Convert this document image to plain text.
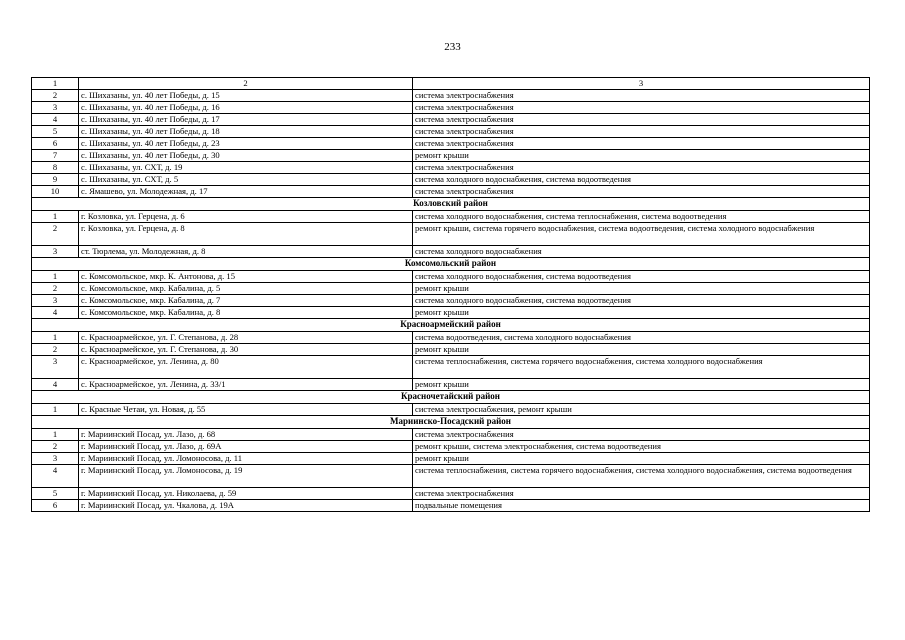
233
1	2	3
2	с. Шихазаны, ул. 40 лет Победы, д. 15	система электроснабжения
3	с. Шихазаны, ул. 40 лет Победы, д. 16	система электроснабжения
4	с. Шихазаны, ул. 40 лет Победы, д. 17	система электроснабжения
5	с. Шихазаны, ул. 40 лет Победы, д. 18	система электроснабжения
6	с. Шихазаны, ул. 40 лет Победы, д. 23	система электроснабжения
7	с. Шихазаны, ул. 40 лет Победы, д. 30	ремонт крыши
8	с. Шихазаны, ул. СХТ, д. 19	система электроснабжения
9	с. Шихазаны, ул. СХТ, д. 5	система холодного водоснабжения, система водоотведения
10	с. Ямашево, ул. Молодежная, д. 17	система электроснабжения
Козловский район		
1	г. Козловка, ул. Герцена, д. 6	система холодного водоснабжения, система теплоснабжения, система водоотведения
2	г. Козловка, ул. Герцена, д. 8	ремонт крыши, система горячего водоснабжения, система водоотведения, система холодного водоснабжения
3	ст. Тюрлема, ул. Молодежная, д. 8	система холодного водоснабжения
Комсомольский район		
1	с. Комсомольское, мкр. К. Антонова, д. 15	система холодного водоснабжения, система водоотведения
2	с. Комсомольское, мкр. Кабалина, д. 5	ремонт крыши
3	с. Комсомольское, мкр. Кабалина, д. 7	система холодного водоснабжения, система водоотведения
4	с. Комсомольское, мкр. Кабалина, д. 8	ремонт крыши
Красноармейский район		
1	с. Красноармейское, ул. Г. Степанова, д. 28	система водоотведения, система холодного водоснабжения
2	с. Красноармейское, ул. Г. Степанова, д. 30	ремонт крыши
3	с. Красноармейское, ул. Ленина, д. 80	система теплоснабжения, система горячего водоснабжения, система холодного водоснабжения
4	с. Красноармейское, ул. Ленина, д. 33/1	ремонт крыши
Красночетайский район		
1	с. Красные Четаи, ул. Новая, д. 55	система электроснабжения, ремонт крыши
Мариинско-Посадский район		
1	г. Мариинский Посад, ул. Лазо, д. 68	система электроснабжения
2	г. Мариинский Посад, ул. Лазо, д. 69А	ремонт крыши, система электроснабжения, система водоотведения
3	г. Мариинский Посад, ул. Ломоносова, д. 11	ремонт крыши
4	г. Мариинский Посад, ул. Ломоносова, д. 19	система теплоснабжения, система горячего водоснабжения, система холодного водоснабжения, система водоотведения
5	г. Мариинский Посад, ул. Николаева, д. 59	система электроснабжения
6	г. Мариинский Посад, ул. Чкалова, д. 19А	подвальные помещения
